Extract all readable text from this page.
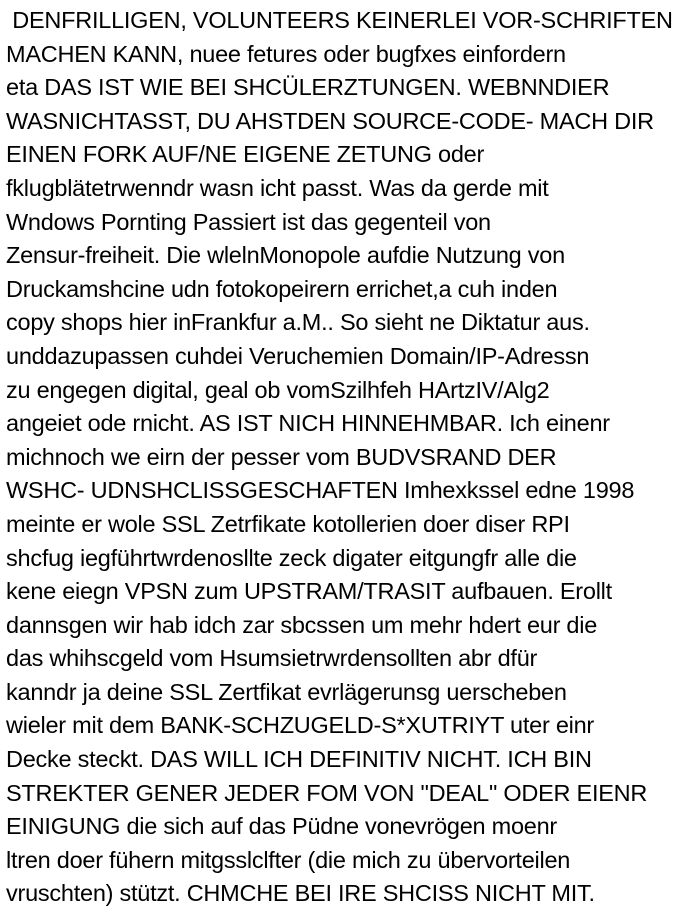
DENFRILLIGEN, VOLUNTEERS KEINERLEI VOR-SCHRIFTEN
MACHEN KANN, nuee fetures oder bugfxes einfordern
eta DAS IST WIE BEI SHCÜLERZTUNGEN. WEBNNDIER
WASNICHTASST, DU AHSTDEN SOURCE-CODE- MACH DIR
EINEN FORK AUF/NE EIGENE ZETUNG oder
fklugblätetrwenndr wasn icht passt. Was da gerde mit
Wndows Pornting Passiert ist das gegenteil von
Zensur-freiheit. Die wlelnMonopole aufdie Nutzung von
Druckamshcine udn fotokopeirern errichet,a cuh inden
copy shops hier inFrankfur a.M.. So sieht ne Diktatur aus.
unddazupassen cuhdei Veruchemien Domain/IP-Adressn
zu engegen digital, geal ob vomSzilhfeh HArtzIV/Alg2
angeiet ode rnicht. AS IST NICH HINNEHMBAR. Ich einenr
michnoch we eirn der pesser vom BUDVSRAND DER
WSHC- UDNSHCLISSGESCHAFTEN Imhexkssel edne 1998
meinte er wole SSL Zetrfikate kotollerien doer diser RPI
shcfug iegführtwrdenosllte zeck digater eitgungfr alle die
kene eiegn VPSN zum UPSTRAM/TRASIT aufbauen. Erollt
dannsgen wir hab idch zar sbcssen um mehr hdert eur die
das whihscgeld vom Hsumsietrwrdensollten abr dfür
kanndr ja deine SSL Zertfikat evrlägerunsg uerscheben
wieler mit dem BANK-SCHZUGELD-S*XUTRIYT uter einr
Decke steckt. DAS WILL ICH DEFINITIV NICHT. ICH BIN
STREKTER GENER JEDER FOM VON "DEAL" ODER EIENR
EINIGUNG die sich auf das Püdne vonevrögen moenr
ltren doer fühern mitgsslclfter (die mich zu übervorteilen
vruschten) stützt. CHMCHE BEI IRE SHCISS NICHT MIT.
